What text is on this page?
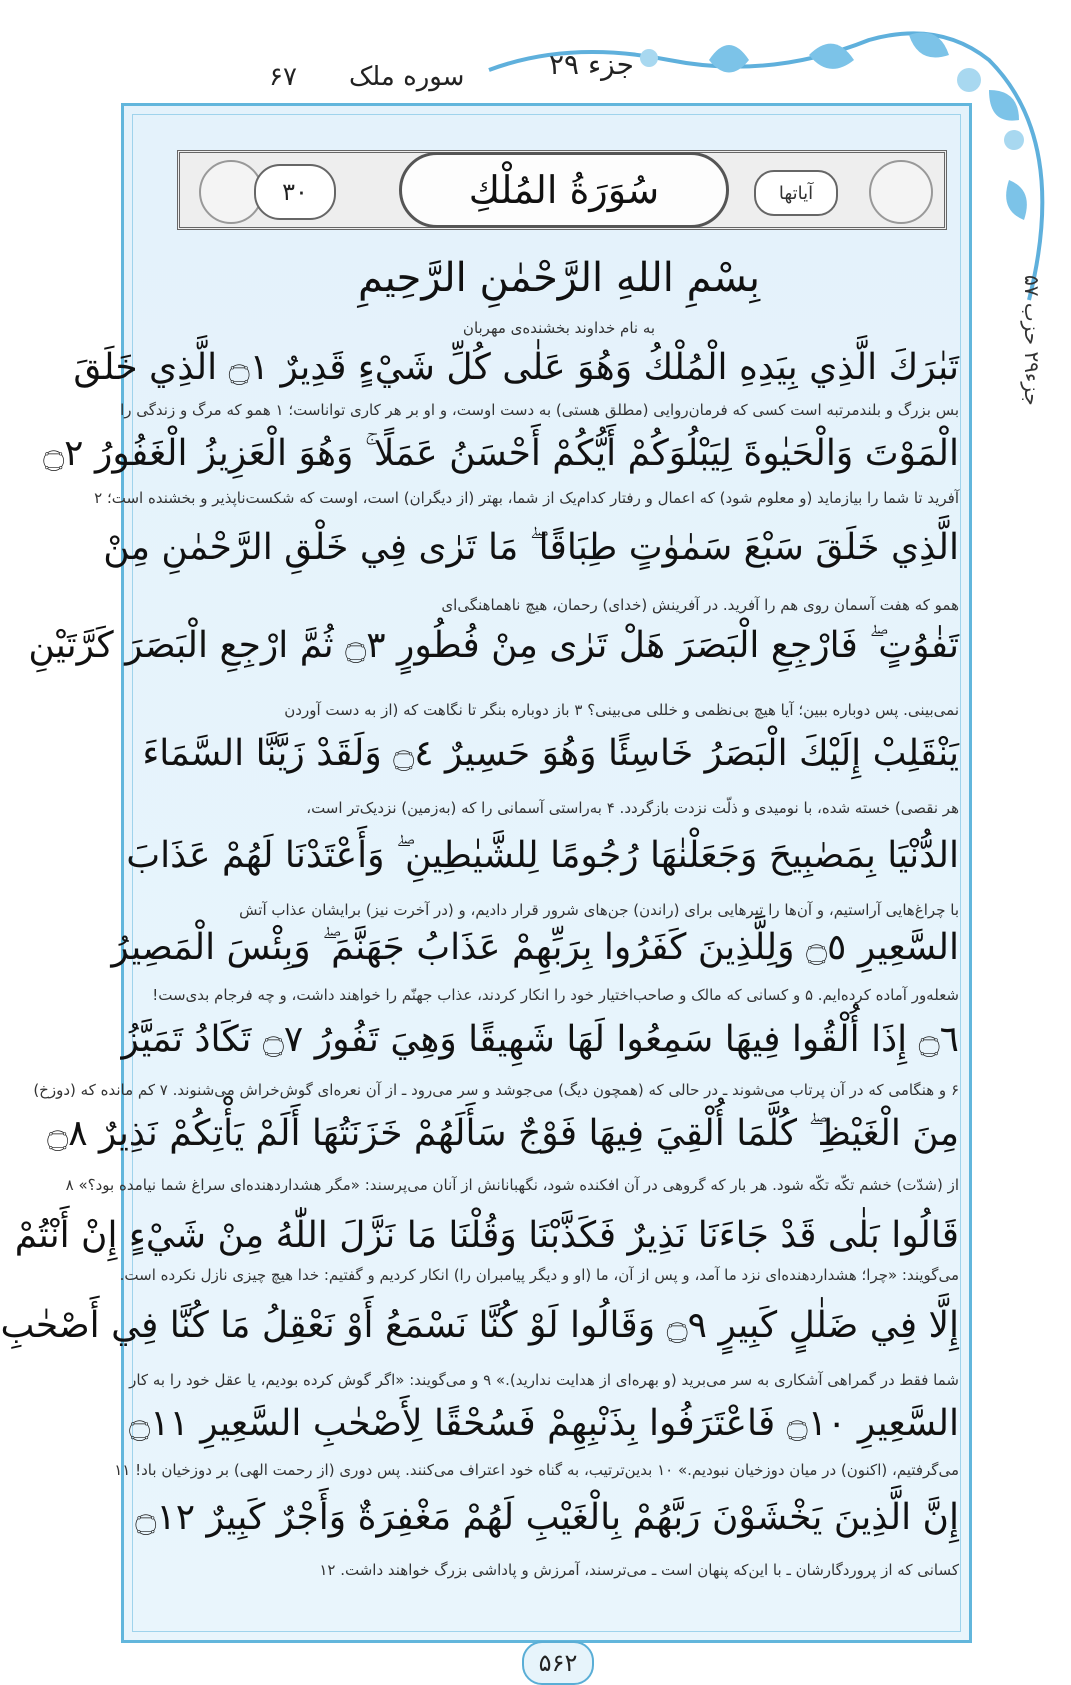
جزء ۲۹
سوره ملک
۶۷
جزء۲۹ حزب ۵۷
سُوَرَةُ المُلْكِ	آیاتها
۳۰
بِسْمِ اللهِ الرَّحْمٰنِ الرَّحِيمِ
به نام خداوند بخشنده‌ی مهربان
تَبٰرَكَ الَّذِي بِيَدِهِ الْمُلْكُ وَهُوَ عَلٰى كُلِّ شَيْءٍ قَدِيرٌ ۝١ الَّذِي خَلَقَ
بس بزرگ و بلندمرتبه است کسی که فرمان‌روایی (مطلق هستی) به دست اوست، و او بر هر کاری تواناست؛ ۱ همو که مرگ و زندگی را
الْمَوْتَ وَالْحَيٰوةَ لِيَبْلُوَكُمْ أَيُّكُمْ أَحْسَنُ عَمَلًا ۚ وَهُوَ الْعَزِيزُ الْغَفُورُ ۝٢
آفرید تا شما را بیازماید (و معلوم شود) که اعمال و رفتار کدام‌یک از شما، بهتر (از دیگران) است، اوست که شکست‌ناپذیر و بخشنده است؛ ۲
الَّذِي خَلَقَ سَبْعَ سَمٰوٰتٍ طِبَاقًا ۖ مَا تَرٰى فِي خَلْقِ الرَّحْمٰنِ مِنْ
همو که هفت آسمان روی هم را آفرید. در آفرینش (خدای) رحمان، هیچ ناهماهنگی‌ای
تَفٰوُتٍ ۖ فَارْجِعِ الْبَصَرَ هَلْ تَرٰى مِنْ فُطُورٍ ۝٣ ثُمَّ ارْجِعِ الْبَصَرَ كَرَّتَيْنِ
نمی‌بینی. پس دوباره ببین؛ آیا هیچ بی‌نظمی و خللی می‌بینی؟ ۳ باز دوباره بنگر تا نگاهت که (از به دست آوردن
يَنْقَلِبْ إِلَيْكَ الْبَصَرُ خَاسِئًا وَهُوَ حَسِيرٌ ۝٤ وَلَقَدْ زَيَّنَّا السَّمَاءَ
هر نقصی) خسته شده، با نومیدی و ذلّت نزدت بازگردد. ۴ به‌راستی آسمانی را که (به‌زمین) نزدیک‌تر است،
الدُّنْيَا بِمَصٰبِيحَ وَجَعَلْنٰهَا رُجُومًا لِلشَّيٰطِينِ ۖ وَأَعْتَدْنَا لَهُمْ عَذَابَ
با چراغ‌هایی آراستیم، و آن‌ها را تیرهایی برای (راندن) جن‌های شرور قرار دادیم، و (در آخرت نیز) برایشان عذاب آتش
السَّعِيرِ ۝٥ وَلِلَّذِينَ كَفَرُوا بِرَبِّهِمْ عَذَابُ جَهَنَّمَ ۖ وَبِئْسَ الْمَصِيرُ
شعله‌ور آماده کرده‌ایم. ۵ و کسانی که مالک و صاحب‌اختیار خود را انکار کردند، عذاب جهنّم را خواهند داشت، و چه فرجام بدی‌ست!
۝٦ إِذَا أُلْقُوا فِيهَا سَمِعُوا لَهَا شَهِيقًا وَهِيَ تَفُورُ ۝٧ تَكَادُ تَمَيَّزُ
۶ و هنگامی که در آن پرتاب می‌شوند ـ در حالی که (همچون دیگ) می‌جوشد و سر می‌رود ـ از آن نعره‌ای گوش‌خراش می‌شنوند. ۷ کم مانده که (دوزخ)
مِنَ الْغَيْظِ ۖ كُلَّمَا أُلْقِيَ فِيهَا فَوْجٌ سَأَلَهُمْ خَزَنَتُهَا أَلَمْ يَأْتِكُمْ نَذِيرٌ ۝٨
از (شدّت) خشم تکّه تکّه شود. هر بار که گروهی در آن افکنده شود، نگهبانانش از آنان می‌پرسند: «مگر هشداردهنده‌ای سراغ شما نیامده بود؟» ۸
قَالُوا بَلٰى قَدْ جَاءَنَا نَذِيرٌ فَكَذَّبْنَا وَقُلْنَا مَا نَزَّلَ اللّٰهُ مِنْ شَيْءٍ إِنْ أَنْتُمْ
می‌گویند: «چرا؛ هشداردهنده‌ای نزد ما آمد، و پس از آن، ما (او و دیگر پیامبران را) انکار کردیم و گفتیم: خدا هیچ چیزی نازل نکرده است.
إِلَّا فِي ضَلٰلٍ كَبِيرٍ ۝٩ وَقَالُوا لَوْ كُنَّا نَسْمَعُ أَوْ نَعْقِلُ مَا كُنَّا فِي أَصْحٰبِ
شما فقط در گمراهی آشکاری به سر می‌برید (و بهره‌ای از هدایت ندارید).» ۹ و می‌گویند: «اگر گوش کرده بودیم، یا عقل خود را به کار
السَّعِيرِ ۝١٠ فَاعْتَرَفُوا بِذَنْبِهِمْ فَسُحْقًا لِأَصْحٰبِ السَّعِيرِ ۝١١
می‌گرفتیم، (اکنون) در میان دوزخیان نبودیم.» ۱۰ بدین‌ترتیب، به گناه خود اعتراف می‌کنند. پس دوری (از رحمت الهی) بر دوزخیان باد! ۱۱
إِنَّ الَّذِينَ يَخْشَوْنَ رَبَّهُمْ بِالْغَيْبِ لَهُمْ مَغْفِرَةٌ وَأَجْرٌ كَبِيرٌ ۝١٢
کسانی که از پروردگارشان ـ با این‌که پنهان است ـ می‌ترسند، آمرزش و پاداشی بزرگ خواهند داشت. ۱۲
۵۶۲
